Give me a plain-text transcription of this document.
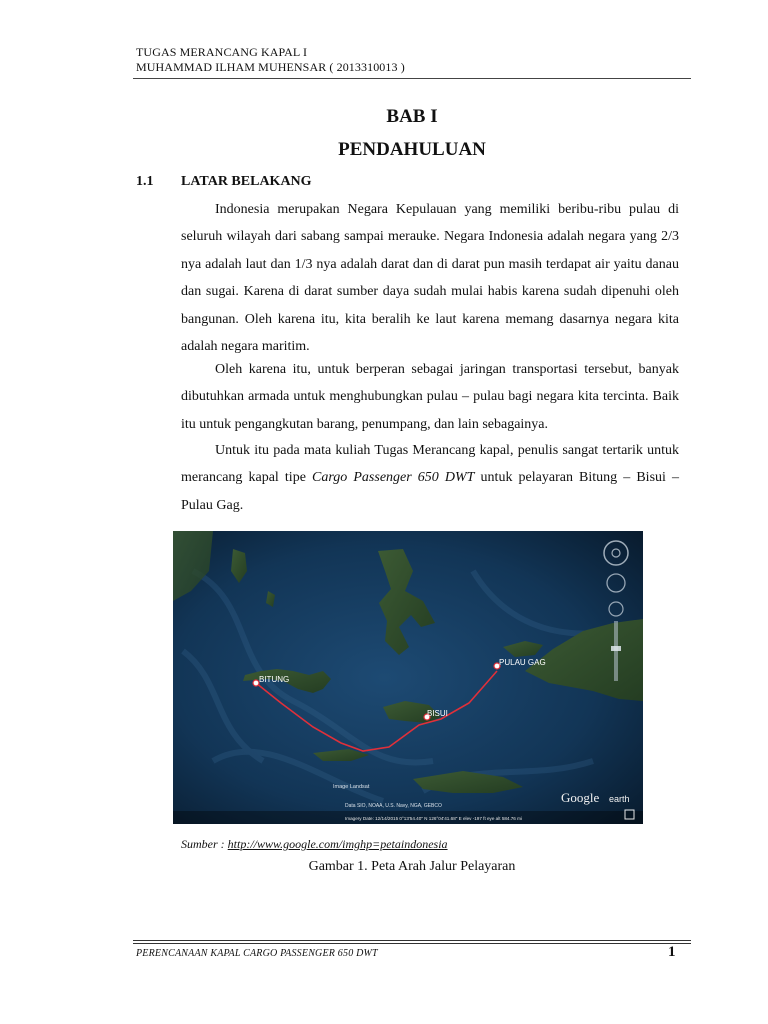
TUGAS MERANCANG KAPAL I
MUHAMMAD ILHAM MUHENSAR ( 2013310013 )
BAB I
PENDAHULUAN
1.1 LATAR BELAKANG

Indonesia merupakan Negara Kepulauan yang memiliki beribu-ribu pulau di seluruh wilayah dari sabang sampai merauke. Negara Indonesia adalah negara yang 2/3 nya adalah laut dan 1/3 nya adalah darat dan di darat pun masih terdapat air yaitu danau dan sugai. Karena di darat sumber daya sudah mulai habis karena sudah dipenuhi oleh bangunan. Oleh karena itu, kita beralih ke laut karena memang dasarnya negara kita adalah negara maritim.

Oleh karena itu, untuk berperan sebagai jaringan transportasi tersebut, banyak dibutuhkan armada untuk menghubungkan pulau – pulau bagi negara kita tercinta. Baik itu untuk pengangkutan barang, penumpang, dan lain sebagainya.

Untuk itu pada mata kuliah Tugas Merancang kapal, penulis sangat tertarik untuk merancang kapal tipe Cargo Passenger 650 DWT untuk pelayaran Bitung – Bisui – Pulau Gag.

BITUNG
BISUI
PULAU GAG
Image Landsat
Data SIO, NOAA, U.S. Navy, NGA, GEBCO
Imagery Date: 12/14/2015 0°13'54.40" N 126°04'41.68" E elev -197 ft eye alt 584.76 mi
Google earth
Sumber : http://www.google.com/imghp=petaindonesia
Gambar 1. Peta Arah Jalur Pelayaran
PERENCANAAN KAPAL CARGO PASSENGER 650 DWT	1
